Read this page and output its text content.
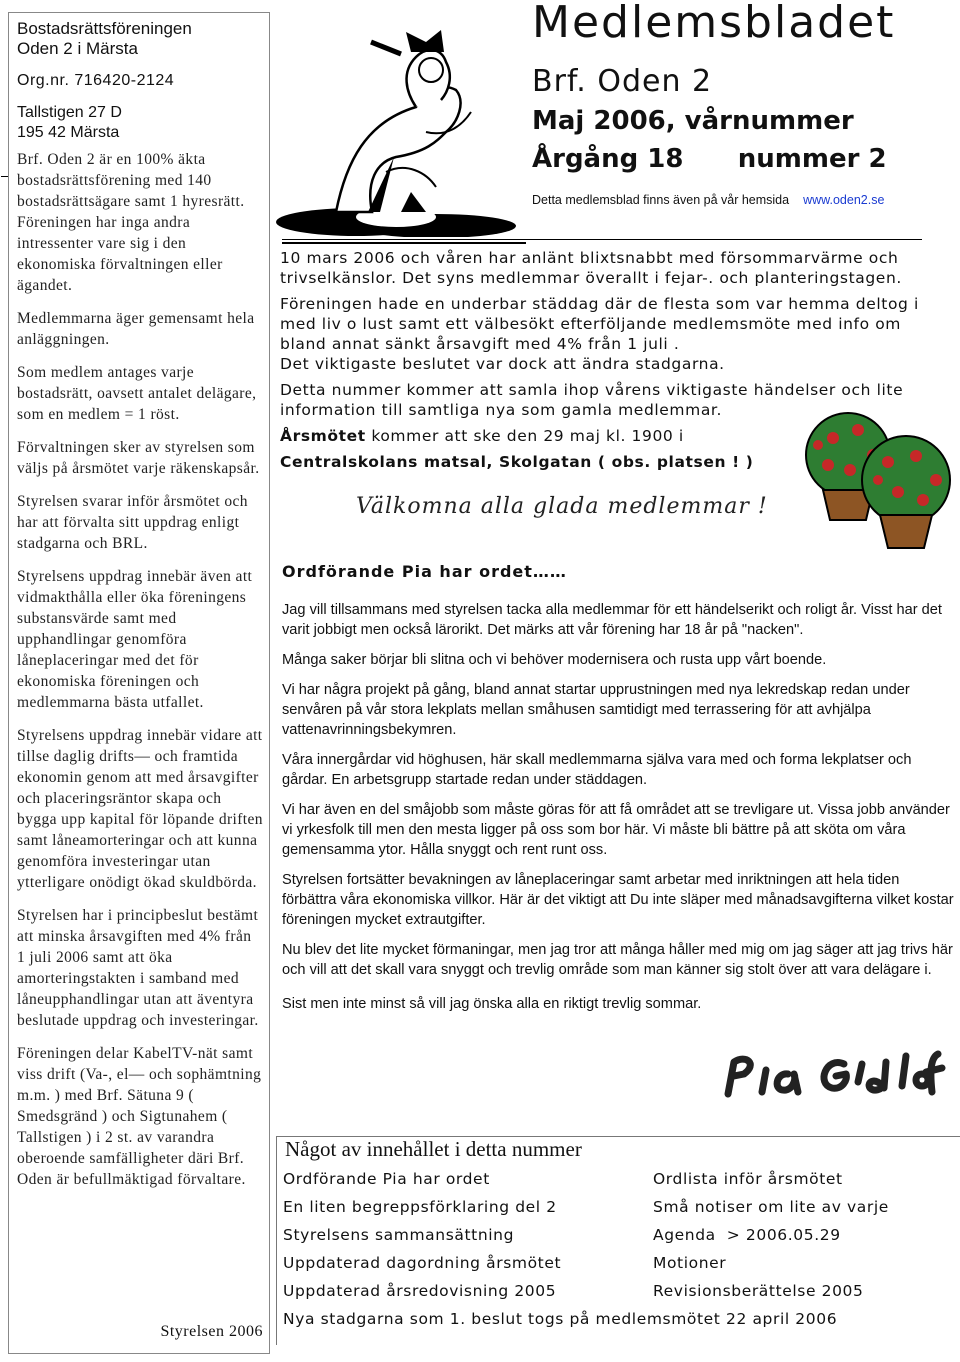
Bostadsrättsföreningen
Oden 2 i Märsta
Org.nr. 716420-2124
Tallstigen 27 D
195 42 Märsta

Brf. Oden 2 är en 100% äkta bostadsrättsförening med 140 bostadsrättsägare samt 1 hyresrätt. Föreningen har inga andra intressenter vare sig i den ekonomiska förvaltningen eller ägandet.

Medlemmarna äger gemensamt hela anläggningen.

Som medlem antages varje bostadsrätt, oavsett antalet delägare, som en medlem = 1 röst.

Förvaltningen sker av styrelsen som väljs på årsmötet varje räkenskapsår.

Styrelsen svarar inför årsmötet och har att förvalta sitt uppdrag enligt stadgarna och BRL.

Styrelsens uppdrag innebär även att vidmakthålla eller öka föreningens substansvärde samt med upphandlingar genomföra låneplaceringar med det för ekonomiska föreningen och medlemmarna bästa utfallet.

Styrelsens uppdrag innebär vidare att tillse daglig drifts— och framtida ekonomin genom att med årsavgifter och placeringsräntor skapa och bygga upp kapital för löpande driften samt låneamorteringar och att kunna genomföra investeringar utan ytterligare onödigt ökad skuldbörda.

Styrelsen har i principbeslut bestämt att minska årsavgiften med 4% från 1 juli 2006 samt att öka amorteringstakten i samband med låneupphandlingar utan att äventyra beslutade uppdrag och investeringar.

Föreningen delar KabelTV-nät samt viss drift (Va-, el— och sophämtning m.m. ) med Brf. Sätuna 9 ( Smedsgränd ) och Sigtunahem ( Tallstigen ) i 2 st. av varandra oberoende samfälligheter däri Brf. Oden är befullmäktigad förvaltare.

Styrelsen 2006
Medlemsbladet
Brf. Oden 2
Maj 2006, vårnummer
Årgång 18      nummer 2
Detta medlemsblad finns även på vår hemsida www.oden2.se

10 mars 2006 och våren har anlänt blixtsnabbt med försommarvärme och trivselkänslor. Det syns medlemmar överallt i fejar-. och planteringstagen.

Föreningen hade en underbar städdag där de flesta som var hemma deltog i med liv o lust samt ett välbesökt efterföljande medlemsmöte med info om bland annat sänkt årsavgift med 4% från 1 juli .

Det viktigaste beslutet var dock att ändra stadgarna.

Detta nummer kommer att samla ihop vårens viktigaste händelser och lite information till samtliga nya som gamla medlemmar.

Årsmötet kommer att ske den 29 maj kl. 1900 i

Centralskolans matsal, Skolgatan ( obs. platsen ! )

Välkomna alla glada medlemmar !
Ordförande Pia har ordet……

Jag vill tillsammans med styrelsen tacka alla medlemmar för ett händelserikt och roligt år. Visst har det varit jobbigt men också lärorikt. Det märks att vår förening har 18 år på "nacken".

Många saker börjar bli slitna och vi behöver modernisera och rusta upp vårt boende.

Vi har några projekt på gång, bland annat startar upprustningen med nya lekredskap redan under senvåren på vår stora lekplats mellan småhusen samtidigt med terrassering för att avhjälpa vattenavrinningsbekymren.

Våra innergårdar vid höghusen, här skall medlemmarna själva vara med och forma lekplatser och gårdar. En arbetsgrupp startade redan under städdagen.

Vi har även en del småjobb som måste göras för att få området att se trevligare ut. Vissa jobb använder vi yrkesfolk till men den mesta ligger på oss som bor här. Vi måste bli bättre på att sköta om våra gemensamma ytor. Hålla snyggt och rent runt oss.

Styrelsen fortsätter bevakningen av låneplaceringar samt arbetar med inriktningen att hela tiden förbättra våra ekonomiska villkor. Här är det viktigt att Du inte släper med månadsavgifterna vilket kostar föreningen mycket extrautgifter.

Nu blev det lite mycket förmaningar, men jag tror att många håller med mig om jag säger att jag trivs här och vill att det skall vara snyggt och trevlig område som man känner sig stolt över att vara delägare i.

Sist men inte minst så vill jag önska alla en riktigt trevlig sommar.

Något av innehållet i detta nummer
Ordförande Pia har ordet
En liten begreppsförklaring del 2
Styrelsens sammansättning
Uppdaterad dagordning årsmötet
Uppdaterad årsredovisning 2005
Ordlista inför årsmötet
Små notiser om lite av varje
Agenda  > 2006.05.29
Motioner
Revisionsberättelse 2005
Nya stadgarna som 1. beslut togs på medlemsmötet 22 april 2006
